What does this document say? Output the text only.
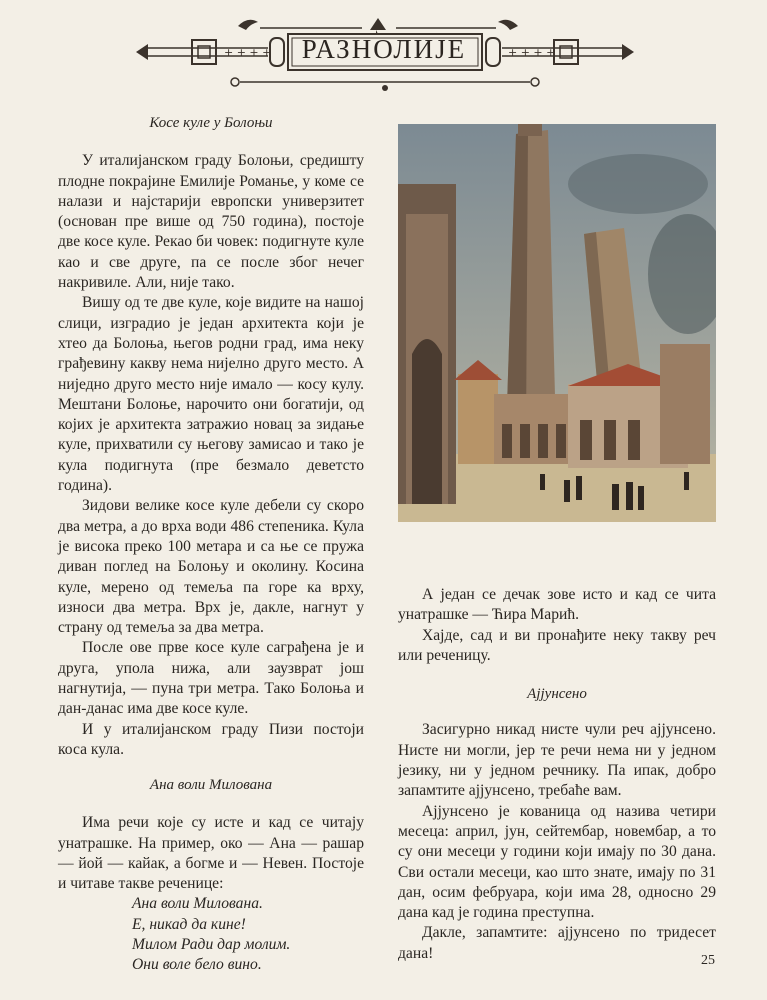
+ + + +	+ + + +
РАЗНОЛИЈЕ

Косе куле у Болоњи

У италијанском граду Болоњи, средишту плодне покрајине Емилије Романье, у коме се налази и најстарији европски универзитет (основан пре више од 750 година), постоје две косе куле. Рекао би човек: подигнуте куле као и све друге, па се после због нечег накривиле. Али, није тако.

Вишу од те две куле, које видите на нашој слици, изградио је један архитекта који је хтео да Болоња, његов родни град, има неку грађевину какву нема нијелно друго место. А ниједно друго место није имало — косу кулу. Мештани Болоње, нарочито они богатији, од којих је архитекта затражио новац за зидање куле, прихватили су његову замисао и тако је кула подигнута (пре безмало деветсто година).

Зидови велике косе куле дебели су скоро два метра, а до врха води 486 степеника. Кула је висока преко 100 метара и са ње се пружа диван поглед на Болоњу и околину. Косина куле, мерено од темеља па горе ка врху, износи два метра. Врх је, дакле, нагнут у страну од темеља за два метра.

После ове прве косе куле саграђена је и друга, упола нижа, али заузврат још нагнутија, — пуна три метра. Тако Болоња и дан-данас има две косе куле.

И у италијанском граду Пизи постоји коса кула.

Ана воли Милована

Има речи које су исте и кад се читају унатрашке. На пример, око — Ана — рашар — йой — кайак, а богме и — Невен. Постоје и читаве такве реченице:

Ана воли Милована.

Е, никад да кине!

Милом Ради дар молим.

Они воле бело вино.

А један се дечак зове исто и кад се чита унатрашке — Ћира Марић.

Хајде, сад и ви пронађите неку такву реч или реченицу.

Ајјунсено

Засигурно никад нисте чули реч ајјунсено. Нисте ни могли, јер те речи нема ни у једном језику, ни у једном речнику. Па ипак, добро запамтите ајјунсено, требаће вам.

Ајјунсено је кованица од назива четири месеца: април, јун, сейтембар, новембар, а то су они месеци у години који имају по 30 дана. Сви остали месеци, као што знате, имају по 31 дан, осим фебруара, који има 28, односно 29 дана кад је година преступна.

Дакле, запамтите: ајјунсено по тридесет дана!	25
